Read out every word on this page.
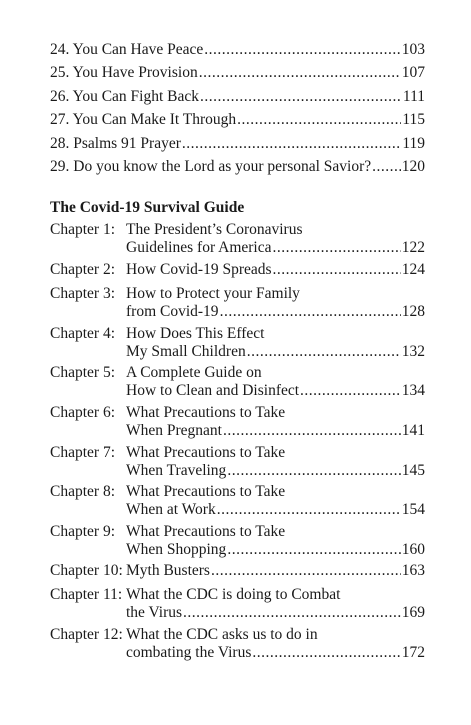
24. You Can Have Peace .....	103
25. You Have Provision .....	107
26. You Can Fight Back .....	111
27. You Can Make It Through .....	115
28. Psalms 91 Prayer .....	119
29. Do you know the Lord as your personal Savior? ..... 120
The Covid-19 Survival Guide
Chapter 1: The President’s Coronavirus
Guidelines for America .....	122
Chapter 2: How Covid-19 Spreads .....	124
Chapter 3: How to Protect your Family
from Covid-19 .....	128
Chapter 4: How Does This Effect
My Small Children .....	132
Chapter 5: A Complete Guide on
How to Clean and Disinfect .....	134
Chapter 6: What Precautions to Take
When Pregnant .....	141
Chapter 7: What Precautions to Take
When Traveling .....	145
Chapter 8: What Precautions to Take
When at Work .....	154
Chapter 9: What Precautions to Take
When Shopping .....	160
Chapter 10: Myth Busters .....	163
Chapter 11: What the CDC is doing to Combat
the Virus .....	169
Chapter 12: What the CDC asks us to do in
combating the Virus .....	172
